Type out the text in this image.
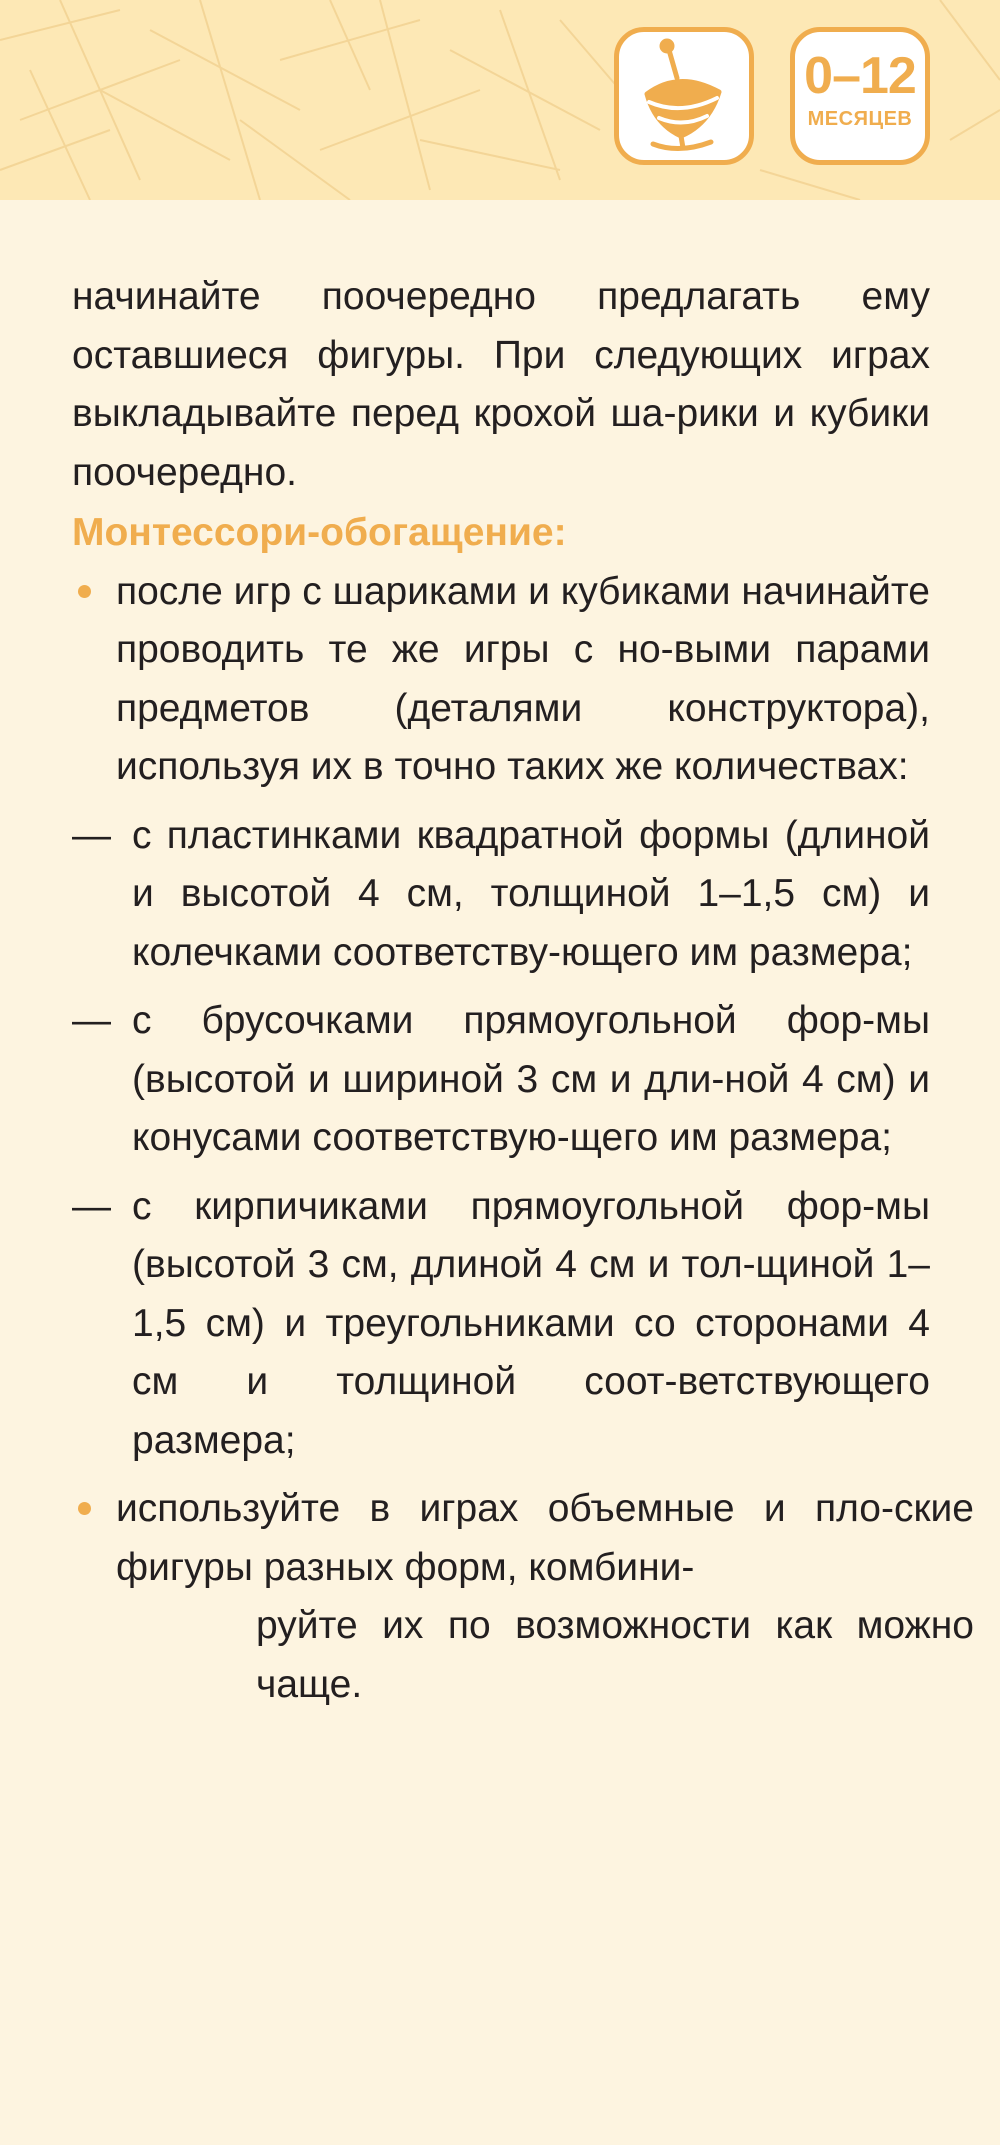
0–12
МЕСЯЦЕВ

начинайте поочередно предлагать ему оставшиеся фигуры. При следующих играх выкладывайте перед крохой ша-рики и кубики поочередно.

Монтессори-обогащение:

после игр с шариками и кубиками начинайте проводить те же игры с но-выми парами предметов (деталями конструктора), используя их в точно таких же количествах:

— с пластинками квадратной формы (длиной и высотой 4 см, толщиной 1–1,5 см) и колечками соответству-ющего им размера;

— с брусочками прямоугольной фор-мы (высотой и шириной 3 см и дли-ной 4 см) и конусами соответствую-щего им размера;

— с кирпичиками прямоугольной фор-мы (высотой 3 см, длиной 4 см и тол-щиной 1–1,5 см) и треугольниками со сторонами 4 см и толщиной соот-ветствующего размера;

используйте в играх объемные и пло-ские фигуры разных форм, комбини-
руйте их по возможности как можно чаще.
